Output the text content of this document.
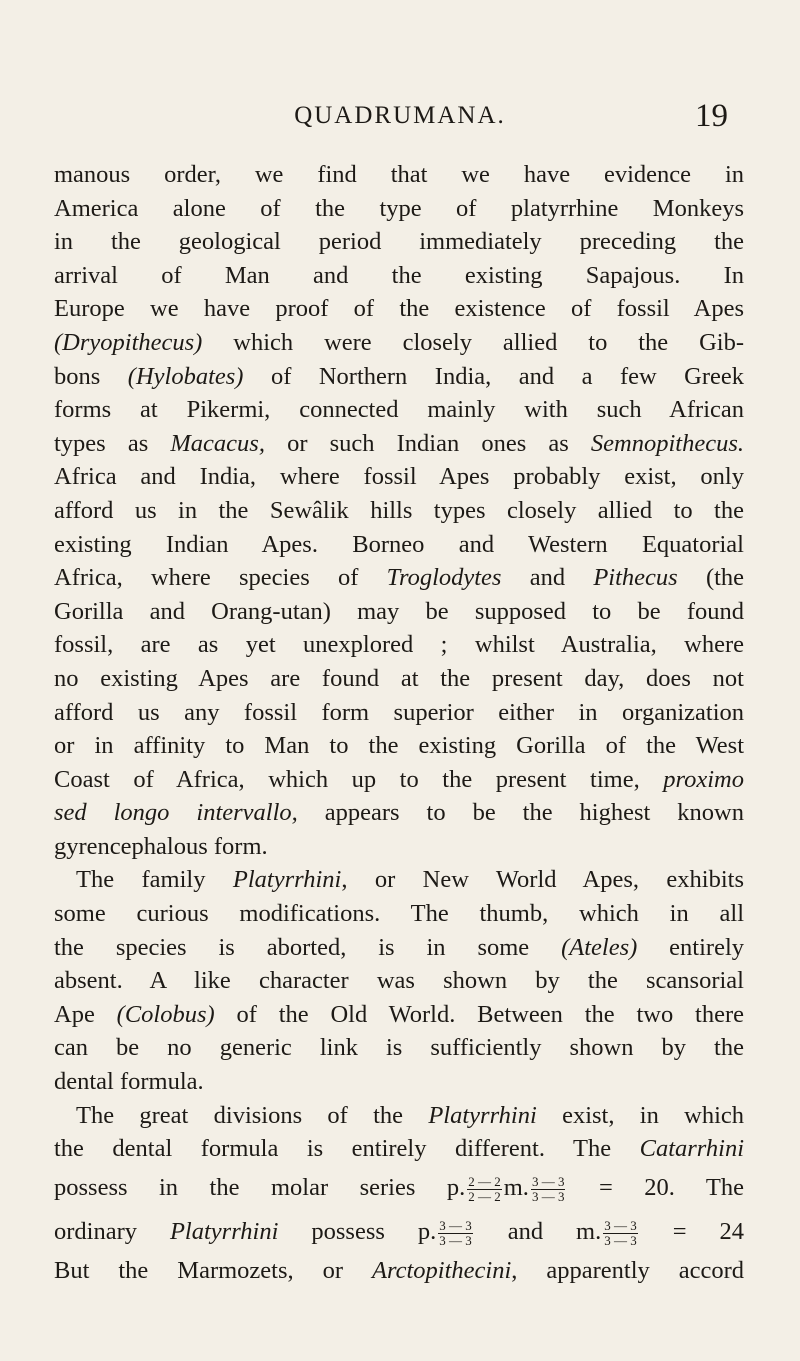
QUADRUMANA.	19
manous order, we find that we have evidence in
America alone of the type of platyrrhine Monkeys
in the geological period immediately preceding the
arrival of Man and the existing Sapajous. In
Europe we have proof of the existence of fossil Apes
(Dryopithecus) which were closely allied to the Gib-
bons (Hylobates) of Northern India, and a few Greek
forms at Pikermi, connected mainly with such African
types as Macacus, or such Indian ones as Semnopithecus.
Africa and India, where fossil Apes probably exist, only
afford us in the Sewâlik hills types closely allied to the
existing Indian Apes. Borneo and Western Equatorial
Africa, where species of Troglodytes and Pithecus (the
Gorilla and Orang-utan) may be supposed to be found
fossil, are as yet unexplored ; whilst Australia, where
no existing Apes are found at the present day, does not
afford us any fossil form superior either in organization
or in affinity to Man to the existing Gorilla of the West
Coast of Africa, which up to the present time, proximo
sed longo intervallo, appears to be the highest known
gyrencephalous form.
The family Platyrrhini, or New World Apes, exhibits
some curious modifications. The thumb, which in all
the species is aborted, is in some (Ateles) entirely
absent. A like character was shown by the scansorial
Ape (Colobus) of the Old World. Between the two there
can be no generic link is sufficiently shown by the
dental formula.
The great divisions of the Platyrrhini exist, in which
the dental formula is entirely different. The Catarrhini
possess in the molar series p. $\frac{2 — 2}{2 — 2} m$. $\frac{3 — 3}{3 — 3} = 20$. The
ordinary Platyrrhini possess p. $\frac{3 — 3}{3 — 3}$ and m. $\frac{3 — 3}{3 — 3} = 24$
But the Marmozets, or Arctopithecini, apparently accord
